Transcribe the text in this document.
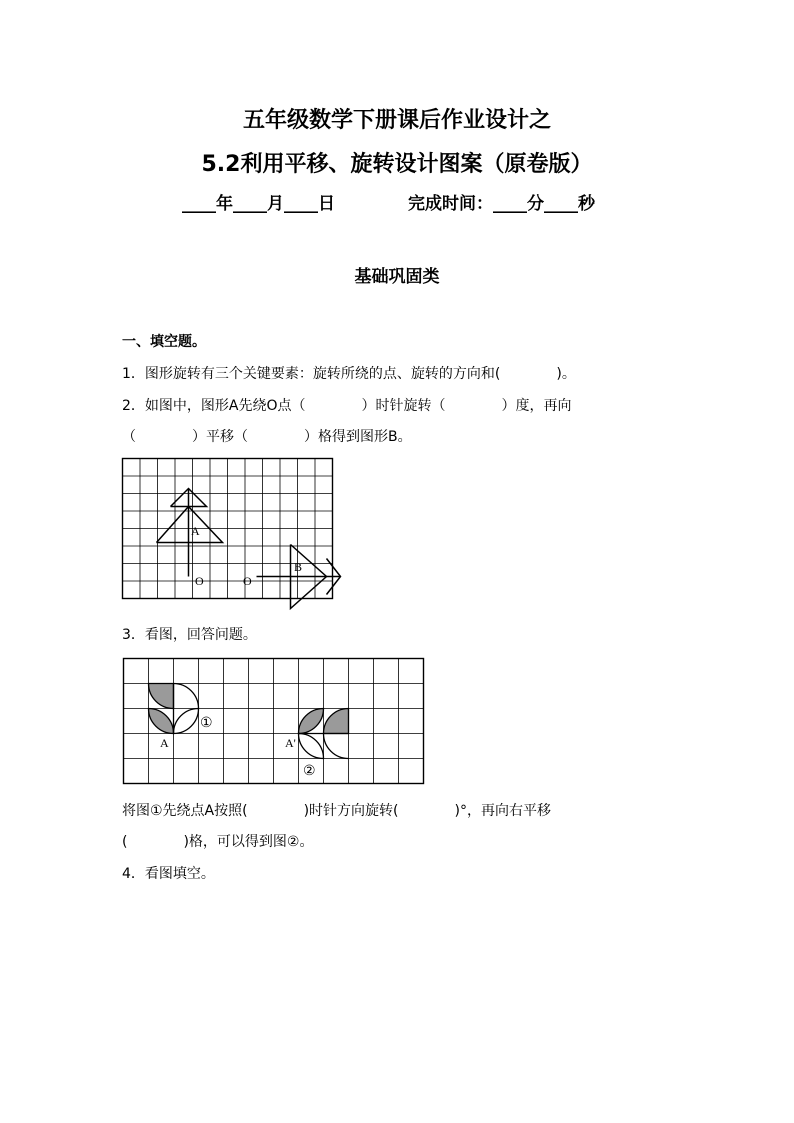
五年级数学下册课后作业设计之
5.2利用平移、旋转设计图案（原卷版）
____年____月____日	完成时间：____分____秒
基础巩固类
一、填空题。
1．图形旋转有三个关键要素：旋转所绕的点、旋转的方向和(　　　　)。
2．如图中，图形A先绕O点（　　　　）时针旋转（　　　　）度，再向
（　　　　）平移（　　　　）格得到图形B。
A
O	O
B
3．看图，回答问题。
A
①
A'
②
将图①先绕点A按照(　　　　)时针方向旋转(　　　　)°，再向右平移
(　　　　)格，可以得到图②。
4．看图填空。
